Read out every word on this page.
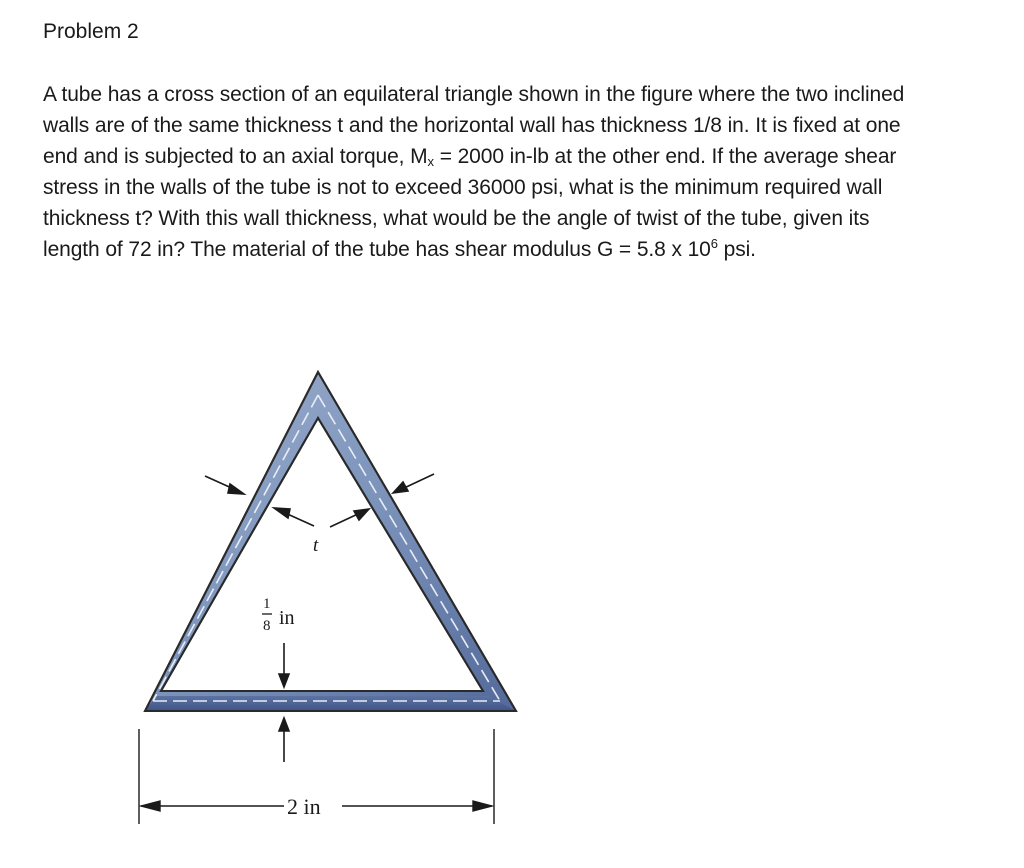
Problem 2
A tube has a cross section of an equilateral triangle shown in the figure where the two inclined
walls are of the same thickness t and the horizontal wall has thickness 1/8 in. It is fixed at one
end and is subjected to an axial torque, $M_x = 2000$ in-lb at the other end. If the average shear
stress in the walls of the tube is not to exceed 36000 psi, what is the minimum required wall
thickness t? With this wall thickness, what would be the angle of twist of the tube, given its
length of 72 in? The material of the tube has shear modulus G = 5.8 x $10^6$ psi.
t
1
8 in
2 in
